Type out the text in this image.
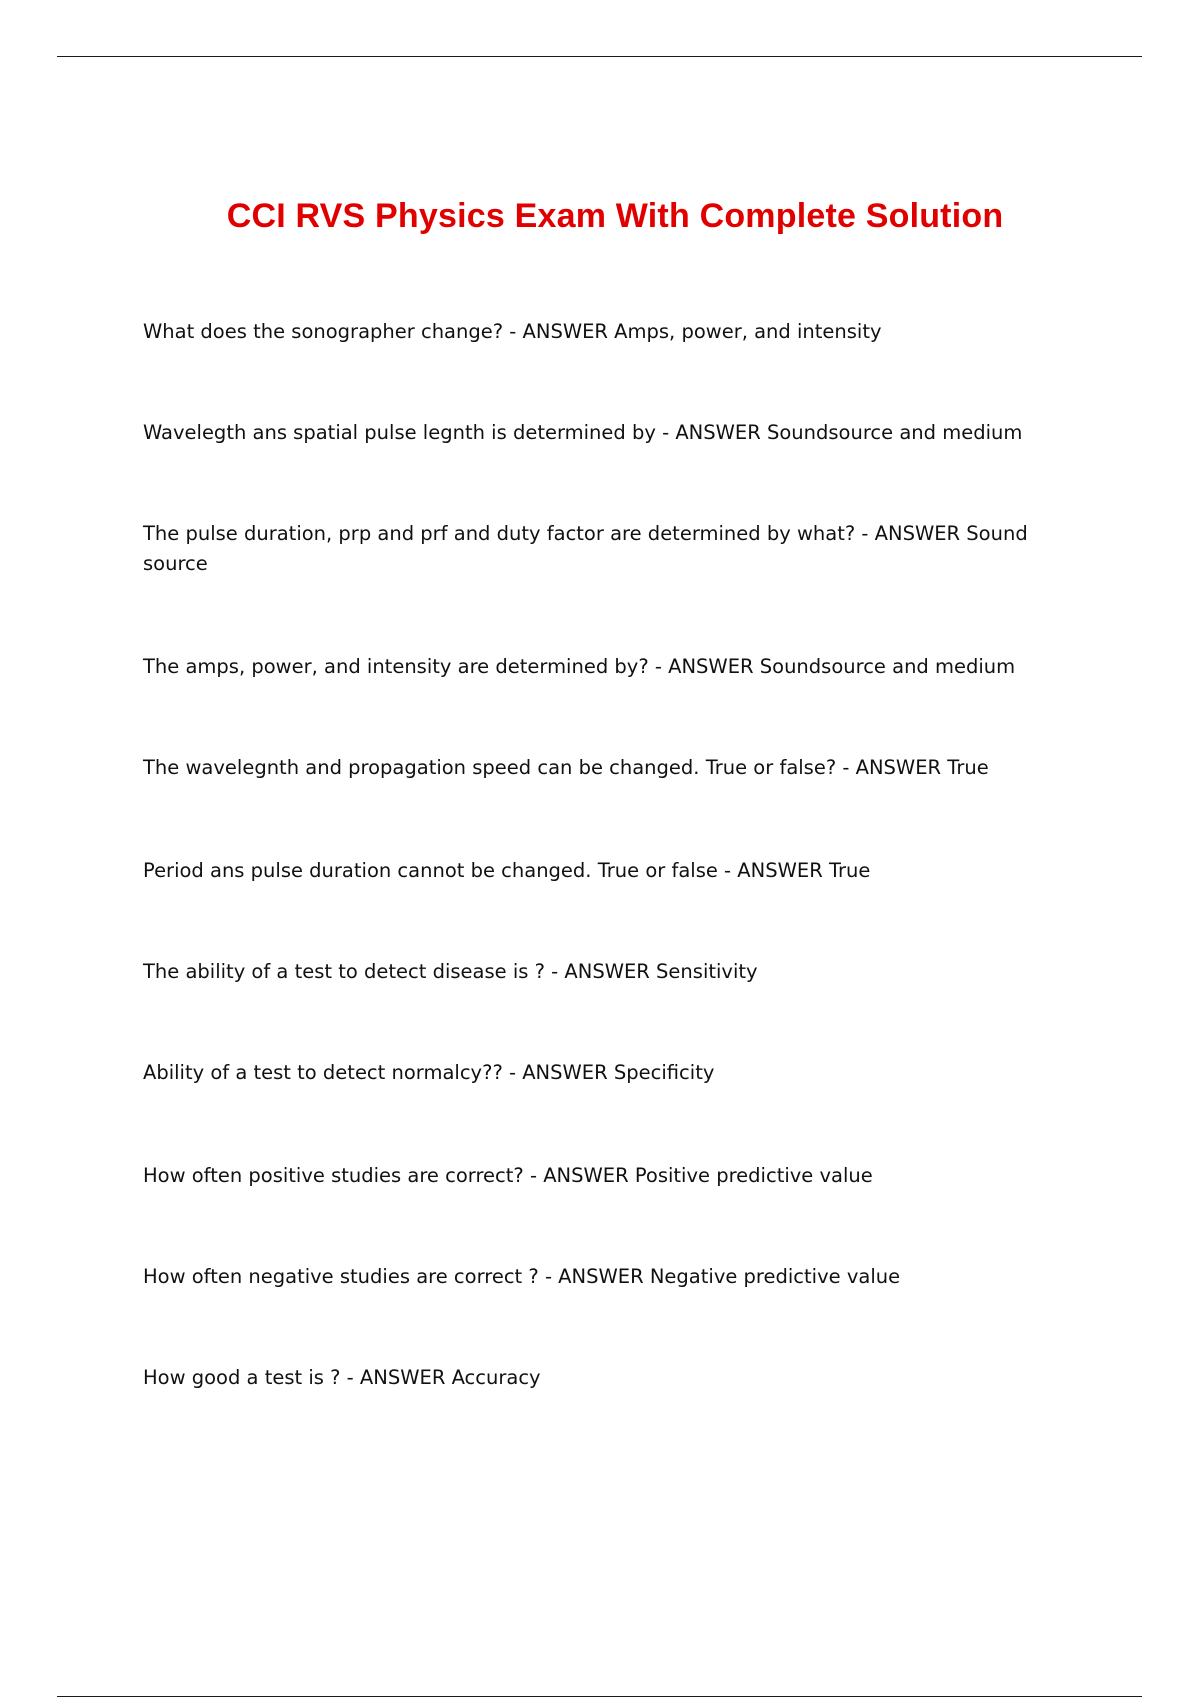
CCI RVS Physics Exam With Complete Solution
What does the sonographer change? - ANSWER Amps, power, and intensity
Wavelegth ans spatial pulse legnth is determined by - ANSWER Soundsource and medium
The pulse duration, prp and prf and duty factor are determined by what? - ANSWER Sound source
The amps, power, and intensity are determined by? - ANSWER Soundsource and medium
The wavelegnth and propagation speed can be changed. True or false? - ANSWER True
Period ans pulse duration cannot be changed. True or false - ANSWER True
The ability of a test to detect disease is ? - ANSWER Sensitivity
Ability of a test to detect normalcy?? - ANSWER Specificity
How often positive studies are correct? - ANSWER Positive predictive value
How often negative studies are correct ? - ANSWER Negative predictive value
How good a test is ? - ANSWER Accuracy
